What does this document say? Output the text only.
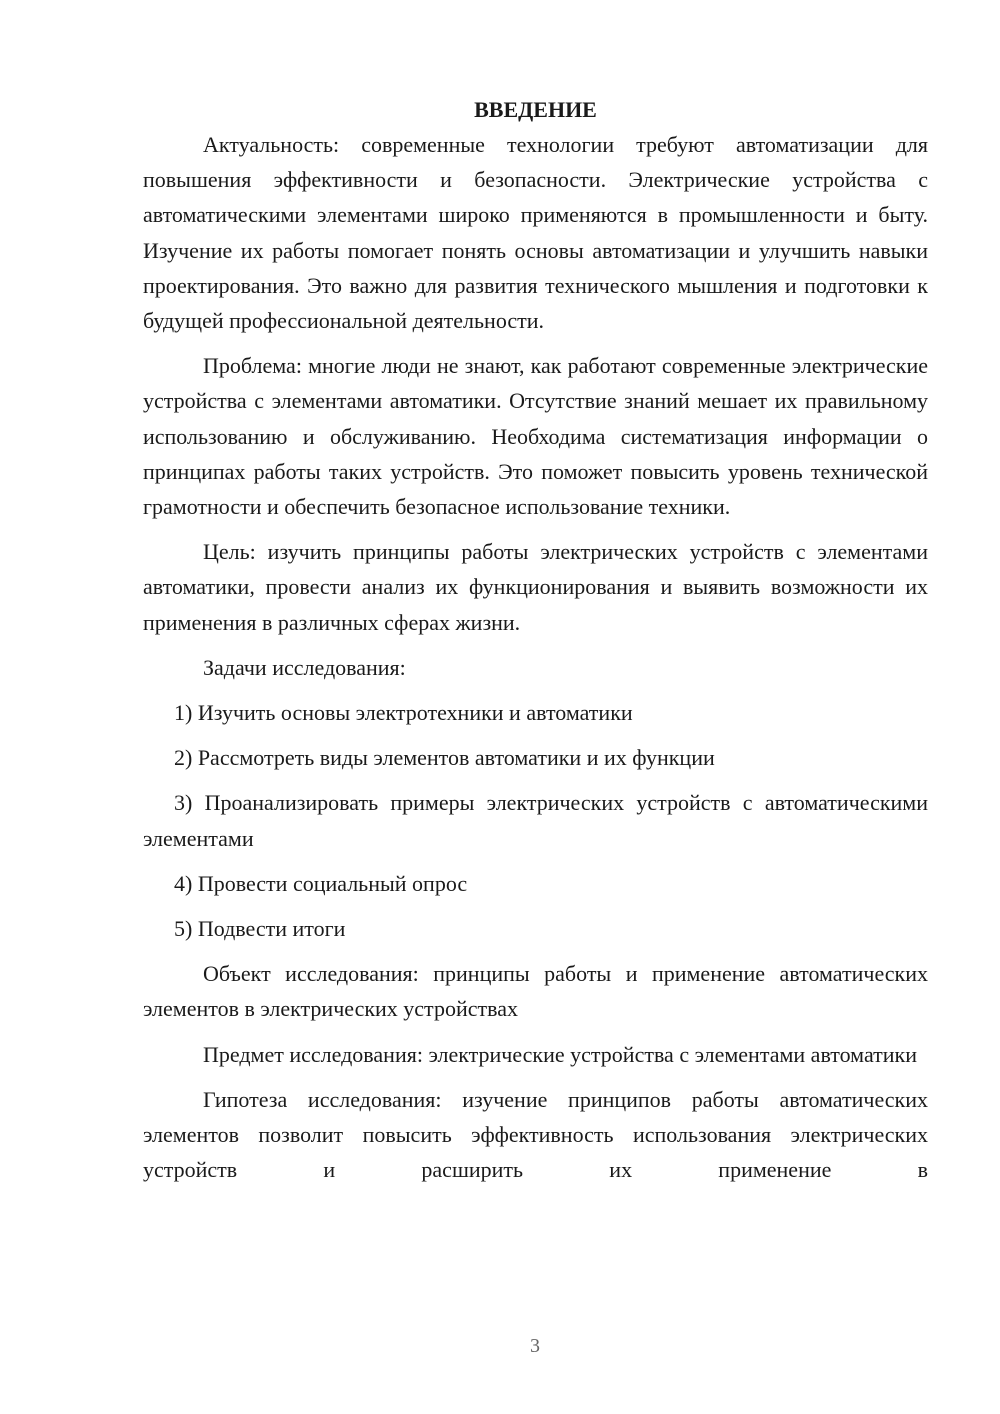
ВВЕДЕНИЕ

Актуальность: современные технологии требуют автоматизации для повышения эффективности и безопасности. Электрические устройства с автоматическими элементами широко применяются в промышленности и быту. Изучение их работы помогает понять основы автоматизации и улучшить навыки проектирования. Это важно для развития технического мышления и подготовки к будущей профессиональной деятельности.

Проблема: многие люди не знают, как работают современные электрические устройства с элементами автоматики. Отсутствие знаний мешает их правильному использованию и обслуживанию. Необходима систематизация информации о принципах работы таких устройств. Это поможет повысить уровень технической грамотности и обеспечить безопасное использование техники.

Цель: изучить принципы работы электрических устройств с элементами автоматики, провести анализ их функционирования и выявить возможности их применения в различных сферах жизни.

Задачи исследования:

1) Изучить основы электротехники и автоматики

2) Рассмотреть виды элементов автоматики и их функции

3) Проанализировать примеры электрических устройств с автоматическими элементами

4) Провести социальный опрос

5) Подвести итоги

Объект исследования: принципы работы и применение автоматических элементов в электрических устройствах

Предмет исследования: электрические устройства с элементами автоматики

Гипотеза исследования: изучение принципов работы автоматических элементов позволит повысить эффективность использования электрических устройств и расширить их применение в

3
